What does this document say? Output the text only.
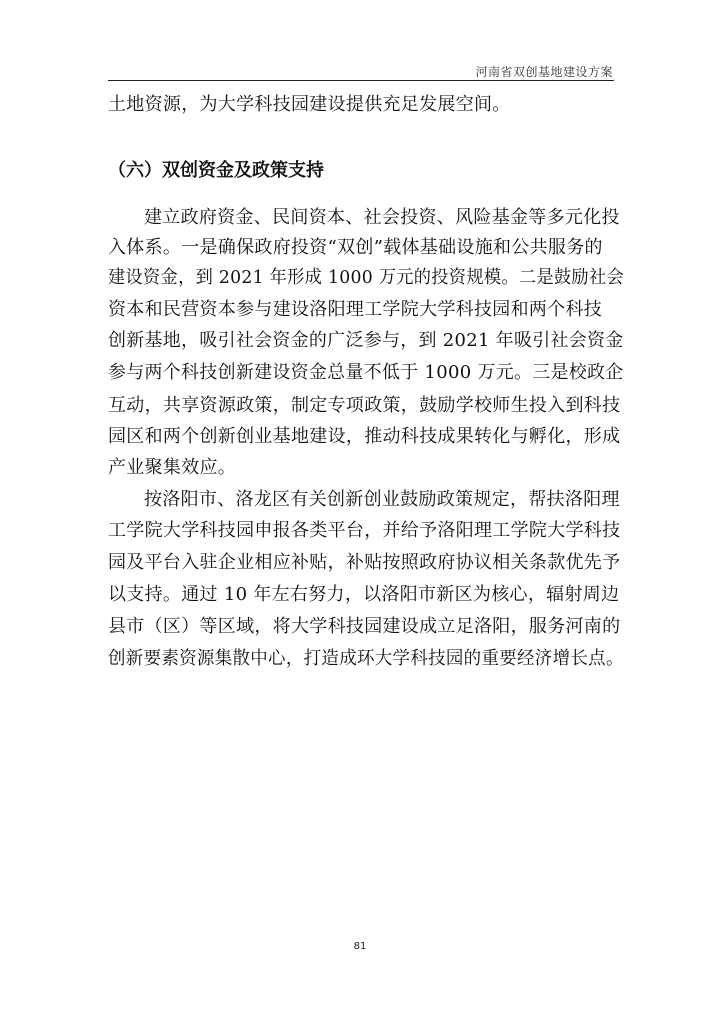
河南省双创基地建设方案
土地资源，为大学科技园建设提供充足发展空间。
（六）双创资金及政策支持
建立政府资金、民间资本、社会投资、风险基金等多元化投
入体系。一是确保政府投资“双创”载体基础设施和公共服务的
建设资金，到 2021 年形成 1000 万元的投资规模。二是鼓励社会
资本和民营资本参与建设洛阳理工学院大学科技园和两个科技
创新基地，吸引社会资金的广泛参与，到 2021 年吸引社会资金
参与两个科技创新建设资金总量不低于 1000 万元。三是校政企
互动，共享资源政策，制定专项政策，鼓励学校师生投入到科技
园区和两个创新创业基地建设，推动科技成果转化与孵化，形成
产业聚集效应。
按洛阳市、洛龙区有关创新创业鼓励政策规定，帮扶洛阳理
工学院大学科技园申报各类平台，并给予洛阳理工学院大学科技
园及平台入驻企业相应补贴，补贴按照政府协议相关条款优先予
以支持。通过 10 年左右努力，以洛阳市新区为核心，辐射周边
县市（区）等区域，将大学科技园建设成立足洛阳，服务河南的
创新要素资源集散中心，打造成环大学科技园的重要经济增长点。
81
